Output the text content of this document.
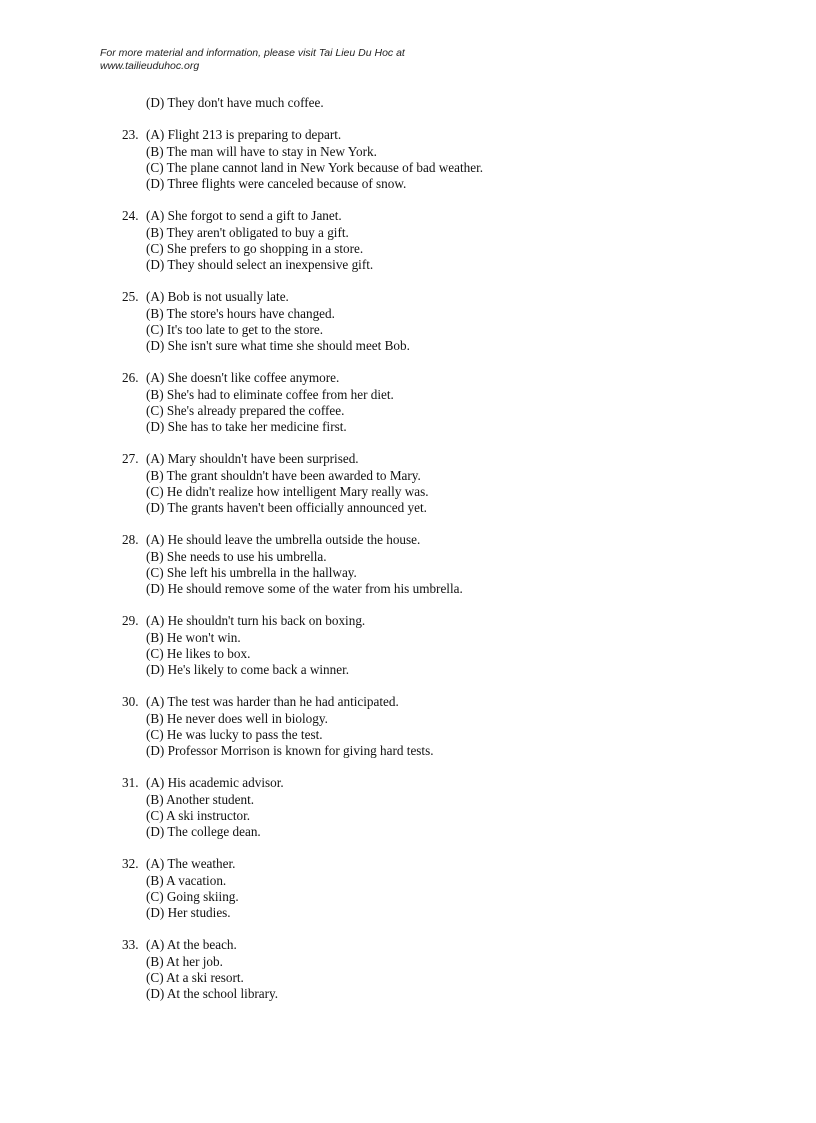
For more material and information, please visit Tai Lieu Du Hoc at
www.tailieuduhoc.org
(D) They don't have much coffee.
23. (A) Flight 213 is preparing to depart.
(B) The man will have to stay in New York.
(C) The plane cannot land in New York because of bad weather.
(D) Three flights were canceled because of snow.
24. (A) She forgot to send a gift to Janet.
(B) They aren't obligated to buy a gift.
(C) She prefers to go shopping in a store.
(D) They should select an inexpensive gift.
25. (A) Bob is not usually late.
(B) The store's hours have changed.
(C) It's too late to get to the store.
(D) She isn't sure what time she should meet Bob.
26. (A) She doesn't like coffee anymore.
(B) She's had to eliminate coffee from her diet.
(C) She's already prepared the coffee.
(D) She has to take her medicine first.
27. (A) Mary shouldn't have been surprised.
(B) The grant shouldn't have been awarded to Mary.
(C) He didn't realize how intelligent Mary really was.
(D) The grants haven't been officially announced yet.
28. (A) He should leave the umbrella outside the house.
(B) She needs to use his umbrella.
(C) She left his umbrella in the hallway.
(D) He should remove some of the water from his umbrella.
29. (A) He shouldn't turn his back on boxing.
(B) He won't win.
(C) He likes to box.
(D) He's likely to come back a winner.
30. (A) The test was harder than he had anticipated.
(B) He never does well in biology.
(C) He was lucky to pass the test.
(D) Professor Morrison is known for giving hard tests.
31. (A) His academic advisor.
(B) Another student.
(C) A ski instructor.
(D) The college dean.
32. (A) The weather.
(B) A vacation.
(C) Going skiing.
(D) Her studies.
33. (A) At the beach.
(B) At her job.
(C) At a ski resort.
(D) At the school library.
